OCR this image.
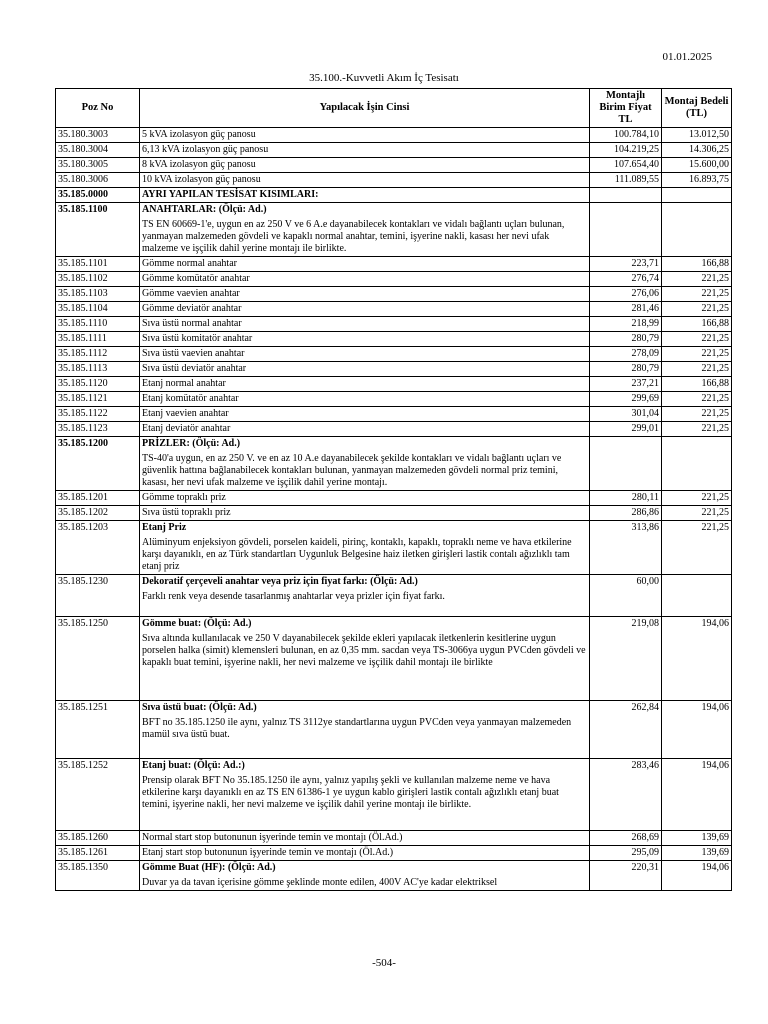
01.01.2025
35.100.-Kuvvetli Akım İç Tesisatı
Poz No	Yapılacak İşin Cinsi	Montajlı Birim Fiyat TL	Montaj Bedeli (TL)
35.180.3003	5 kVA izolasyon güç panosu	100.784,10	13.012,50
35.180.3004	6,13 kVA izolasyon güç panosu	104.219,25	14.306,25
35.180.3005	8 kVA izolasyon güç panosu	107.654,40	15.600,00
35.180.3006	10 kVA izolasyon güç panosu	111.089,55	16.893,75
35.185.0000	AYRI YAPILAN TESİSAT KISIMLARI:		

35.185.1100	ANAHTARLAR: (Ölçü: Ad.)
TS EN 60669-1'e, uygun en az 250 V ve 6 A.e dayanabilecek kontakları ve vidalı bağlantı uçları bulunan, yanmayan malzemeden gövdeli ve kapaklı normal anahtar, temini, işyerine nakli, kasası her nevi ufak malzeme ve işçilik dahil yerine montajı ile birlikte.		

35.185.1101	Gömme normal anahtar	223,71	166,88
35.185.1102	Gömme komütatör anahtar	276,74	221,25
35.185.1103	Gömme vaevien anahtar	276,06	221,25
35.185.1104	Gömme deviatör anahtar	281,46	221,25
35.185.1110	Sıva üstü normal anahtar	218,99	166,88
35.185.1111	Sıva üstü komitatör anahtar	280,79	221,25
35.185.1112	Sıva üstü vaevien anahtar	278,09	221,25
35.185.1113	Sıva üstü deviatör anahtar	280,79	221,25
35.185.1120	Etanj normal anahtar	237,21	166,88
35.185.1121	Etanj komütatör anahtar	299,69	221,25
35.185.1122	Etanj vaevien anahtar	301,04	221,25
35.185.1123	Etanj deviatör anahtar	299,01	221,25
35.185.1200	PRİZLER: (Ölçü: Ad.)
TS-40'a uygun, en az 250 V. ve en az 10 A.e dayanabilecek şekilde kontakları ve vidalı bağlantı uçları ve güvenlik hattına bağlanabilecek kontakları bulunan, yanmayan malzemeden gövdeli normal priz temini, kasası, her nevi ufak malzeme ve işçilik dahil yerine montajı.		

35.185.1201	Gömme topraklı priz	280,11	221,25
35.185.1202	Sıva üstü topraklı priz	286,86	221,25
35.185.1203	Etanj Priz
Alüminyum enjeksiyon gövdeli, porselen kaideli, pirinç, kontaklı, kapaklı, topraklı neme ve hava etkilerine karşı dayanıklı, en az Türk standartları Uygunluk Belgesine haiz iletken girişleri lastik contalı ağızlıklı tam etanj priz	313,86	221,25
35.185.1230	Dekoratif çerçeveli anahtar veya priz için fiyat farkı: (Ölçü: Ad.)
Farklı renk veya desende tasarlanmış anahtarlar veya prizler için fiyat farkı.	60,00	
35.185.1250	Gömme buat: (Ölçü: Ad.)
Sıva altında kullanılacak ve 250 V dayanabilecek şekilde ekleri yapılacak iletkenlerin kesitlerine uygun porselen halka (simit) klemensleri bulunan, en az 0,35 mm. sacdan veya TS-3066ya uygun PVCden gövdeli ve kapaklı buat temini, işyerine nakli, her nevi malzeme ve işçilik dahil montajı ile birlikte	219,08	194,06
35.185.1251	Sıva üstü buat: (Ölçü: Ad.)
BFT no 35.185.1250 ile aynı, yalnız TS 3112ye standartlarına uygun PVCden veya yanmayan malzemeden mamül sıva üstü buat.	262,84	194,06
35.185.1252	Etanj buat: (Ölçü: Ad.:)
Prensip olarak BFT No 35.185.1250 ile aynı, yalnız yapılış şekli ve kullanılan malzeme neme ve hava etkilerine karşı dayanıklı en az TS EN 61386-1 ye uygun kablo girişleri lastik contalı ağızlıklı etanj buat temini, işyerine nakli, her nevi malzeme ve işçilik dahil yerine montajı ile birlikte.	283,46	194,06
35.185.1260	Normal start stop butonunun işyerinde temin ve montajı (Öl.Ad.)	268,69	139,69
35.185.1261	Etanj start stop butonunun işyerinde temin ve montajı (Öl.Ad.)	295,09	139,69
35.185.1350	Gömme Buat (HF): (Ölçü: Ad.)
Duvar ya da tavan içerisine gömme şeklinde monte edilen, 400V AC'ye kadar elektriksel	220,31	194,06
-504-
